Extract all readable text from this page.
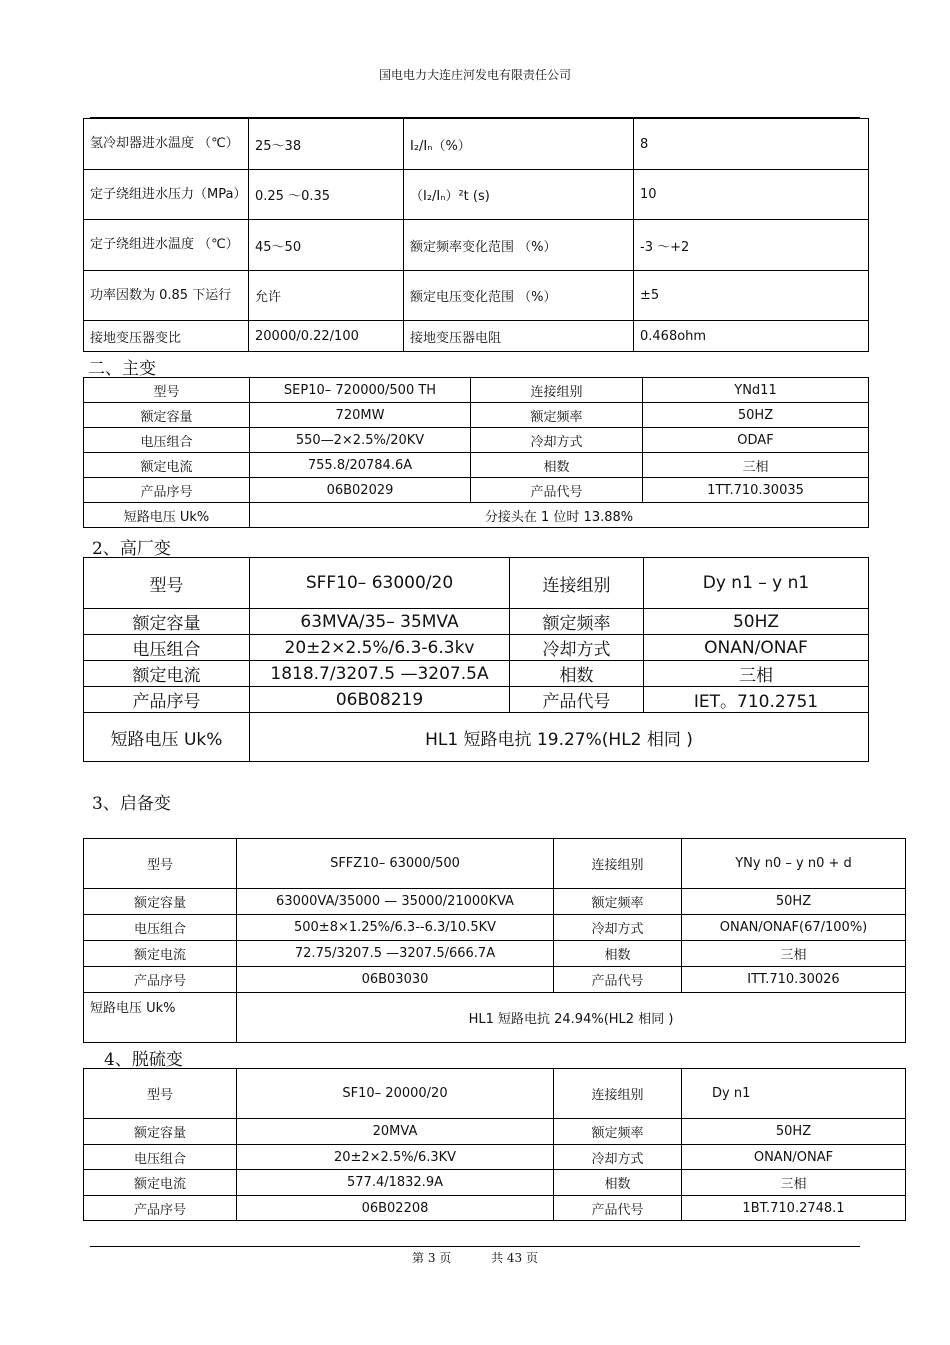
国电电力大连庄河发电有限责任公司
氢冷却器进水温度 （℃）	25～38	I₂/Iₙ（%）	8
定子绕组进水压力（MPa）	0.25 ～0.35	（I₂/Iₙ）²t (s)	10
定子绕组进水温度 （℃）	45～50	额定频率变化范围 （%）	-3 ～+2
功率因数为 0.85 下运行	允许	额定电压变化范围 （%）	±5
接地变压器变比	20000/0.22/100	接地变压器电阻	0.468ohm
二、主变
型号	SEP10– 720000/500 TH	连接组别	YNd11
额定容量	720MW	额定频率	50HZ
电压组合	550—2×2.5%/20KV	冷却方式	ODAF
额定电流	755.8/20784.6A	相数	三相
产品序号	06B02029	产品代号	1TT.710.30035
短路电压 Uk%	分接头在 1 位时 13.88%		
2、高厂变
型号	SFF10– 63000/20	连接组别	Dy n1 – y n1
额定容量	63MVA/35– 35MVA	额定频率	50HZ
电压组合	20±2×2.5%/6.3-6.3kv	冷却方式	ONAN/ONAF
额定电流	1818.7/3207.5 —3207.5A	相数	三相
产品序号	06B08219	产品代号	IET。710.2751
短路电压 Uk%	HL1 短路电抗 19.27%(HL2 相同 )		
3、启备变
型号	SFFZ10– 63000/500	连接组别	YNy n0 – y n0 + d
额定容量	63000VA/35000 — 35000/21000KVA	额定频率	50HZ
电压组合	500±8×1.25%/6.3--6.3/10.5KV	冷却方式	ONAN/ONAF(67/100%)
额定电流	72.75/3207.5 —3207.5/666.7A	相数	三相
产品序号	06B03030	产品代号	ITT.710.30026
短路电压 Uk%	HL1 短路电抗 24.94%(HL2 相同 )		
4、脱硫变
型号	SF10– 20000/20	连接组别	Dy n1
额定容量	20MVA	额定频率	50HZ
电压组合	20±2×2.5%/6.3KV	冷却方式	ONAN/ONAF
额定电流	577.4/1832.9A	相数	三相
产品序号	06B02208	产品代号	1BT.710.2748.1
第 3 页	共 43 页
